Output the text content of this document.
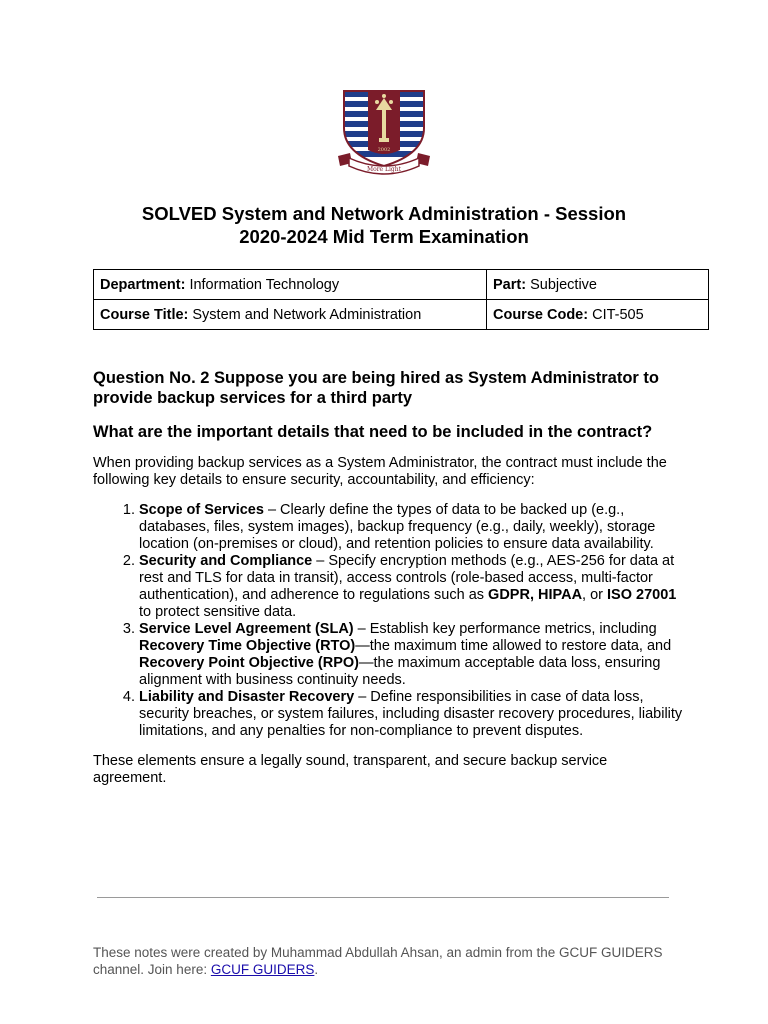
2002
More Light
SOLVED System and Network Administration - Session
2020-2024 Mid Term Examination
Department: Information Technology	Part: Subjective
Course Title: System and Network Administration	Course Code: CIT-505
Question No. 2 Suppose you are being hired as System Administrator to provide backup services for a third party
What are the important details that need to be included in the contract?

When providing backup services as a System Administrator, the contract must include the following key details to ensure security, accountability, and efficiency:

1. Scope of Services – Clearly define the types of data to be backed up (e.g., databases, files, system images), backup frequency (e.g., daily, weekly), storage location (on-premises or cloud), and retention policies to ensure data availability.
2. Security and Compliance – Specify encryption methods (e.g., AES-256 for data at rest and TLS for data in transit), access controls (role-based access, multi-factor authentication), and adherence to regulations such as GDPR, HIPAA, or ISO 27001 to protect sensitive data.
3. Service Level Agreement (SLA) – Establish key performance metrics, including Recovery Time Objective (RTO)—the maximum time allowed to restore data, and Recovery Point Objective (RPO)—the maximum acceptable data loss, ensuring alignment with business continuity needs.
4. Liability and Disaster Recovery – Define responsibilities in case of data loss, security breaches, or system failures, including disaster recovery procedures, liability limitations, and any penalties for non-compliance to prevent disputes.

These elements ensure a legally sound, transparent, and secure backup service agreement.

These notes were created by Muhammad Abdullah Ahsan, an admin from the GCUF GUIDERS channel. Join here: GCUF GUIDERS.
